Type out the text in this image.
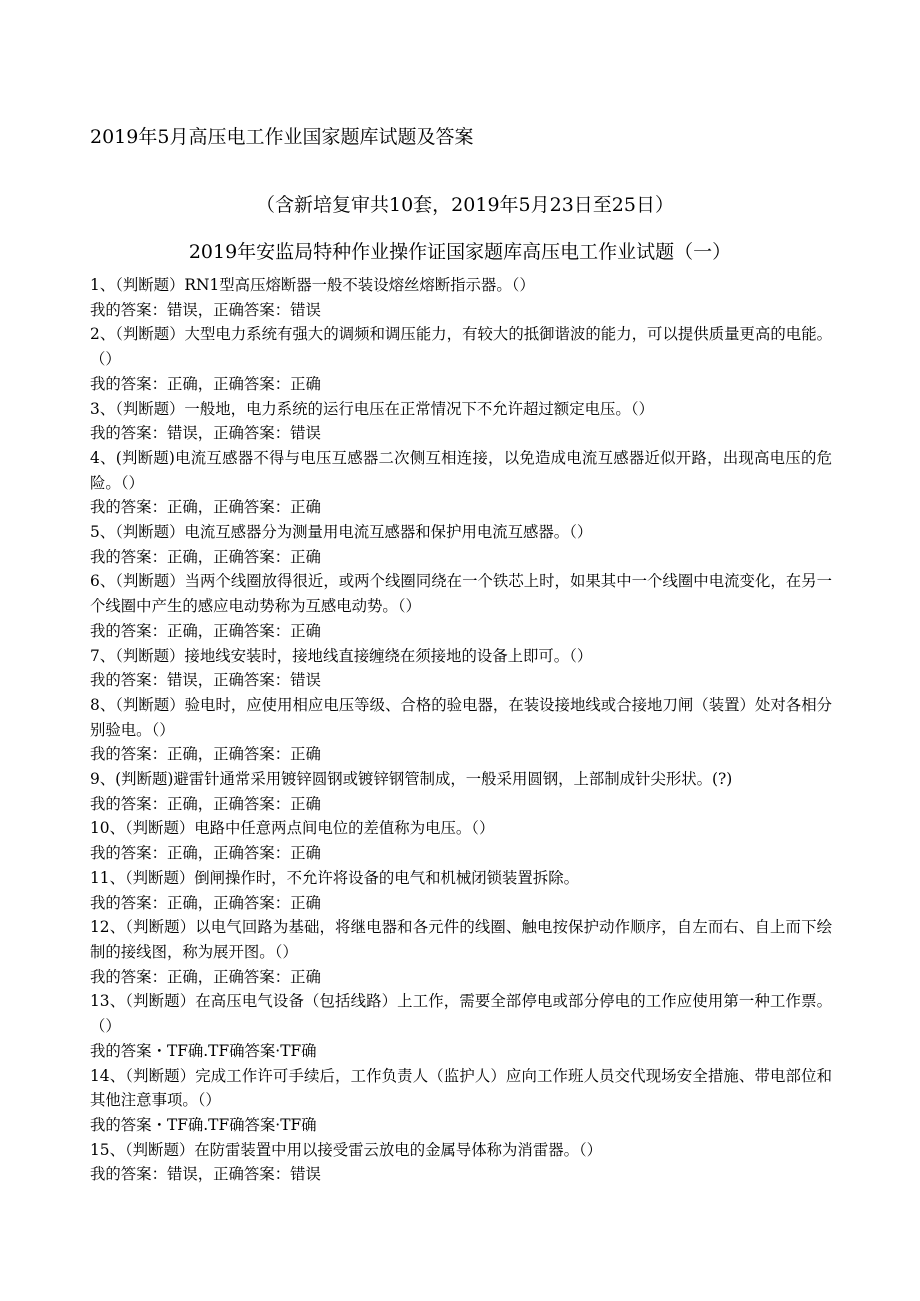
2019年5月高压电工作业国家题库试题及答案
（含新培复审共10套，2019年5月23日至25日）
2019年安监局特种作业操作证国家题库高压电工作业试题（一）
1、（判断题）RN1型高压熔断器一般不装设熔丝熔断指示器。（）
我的答案：错误，正确答案：错误
2、（判断题）大型电力系统有强大的调频和调压能力，有较大的抵御谐波的能力，可以提供质量更高的电能。（）
我的答案：正确，正确答案：正确
3、（判断题）一般地，电力系统的运行电压在正常情况下不允许超过额定电压。（）
我的答案：错误，正确答案：错误
4、(判断题)电流互感器不得与电压互感器二次侧互相连接，以免造成电流互感器近似开路，出现高电压的危险。（）
我的答案：正确，正确答案：正确
5、（判断题）电流互感器分为测量用电流互感器和保护用电流互感器。（）
我的答案：正确，正确答案：正确
6、（判断题）当两个线圈放得很近，或两个线圈同绕在一个铁芯上时，如果其中一个线圈中电流变化，在另一个线圈中产生的感应电动势称为互感电动势。（）
我的答案：正确，正确答案：正确
7、（判断题）接地线安装时，接地线直接缠绕在须接地的设备上即可。（）
我的答案：错误，正确答案：错误
8、（判断题）验电时，应使用相应电压等级、合格的验电器，在装设接地线或合接地刀闸（装置）处对各相分别验电。（）
我的答案：正确，正确答案：正确
9、(判断题)避雷针通常采用镀锌圆钢或镀锌钢管制成，一般采用圆钢，上部制成针尖形状。(?)
我的答案：正确，正确答案：正确
10、（判断题）电路中任意两点间电位的差值称为电压。（）
我的答案：正确，正确答案：正确
11、（判断题）倒闸操作时，不允许将设备的电气和机械闭锁装置拆除。
我的答案：正确，正确答案：正确
12、（判断题）以电气回路为基础，将继电器和各元件的线圈、触电按保护动作顺序，自左而右、自上而下绘制的接线图，称为展开图。（）
我的答案：正确，正确答案：正确
13、（判断题）在高压电气设备（包括线路）上工作，需要全部停电或部分停电的工作应使用第一种工作票。（）
我的答案・TF确.TF确答案·TF确
14、（判断题）完成工作许可手续后，工作负责人（监护人）应向工作班人员交代现场安全措施、带电部位和其他注意事项。（）
我的答案・TF确.TF确答案·TF确
15、（判断题）在防雷装置中用以接受雷云放电的金属导体称为消雷器。（）
我的答案：错误，正确答案：错误
